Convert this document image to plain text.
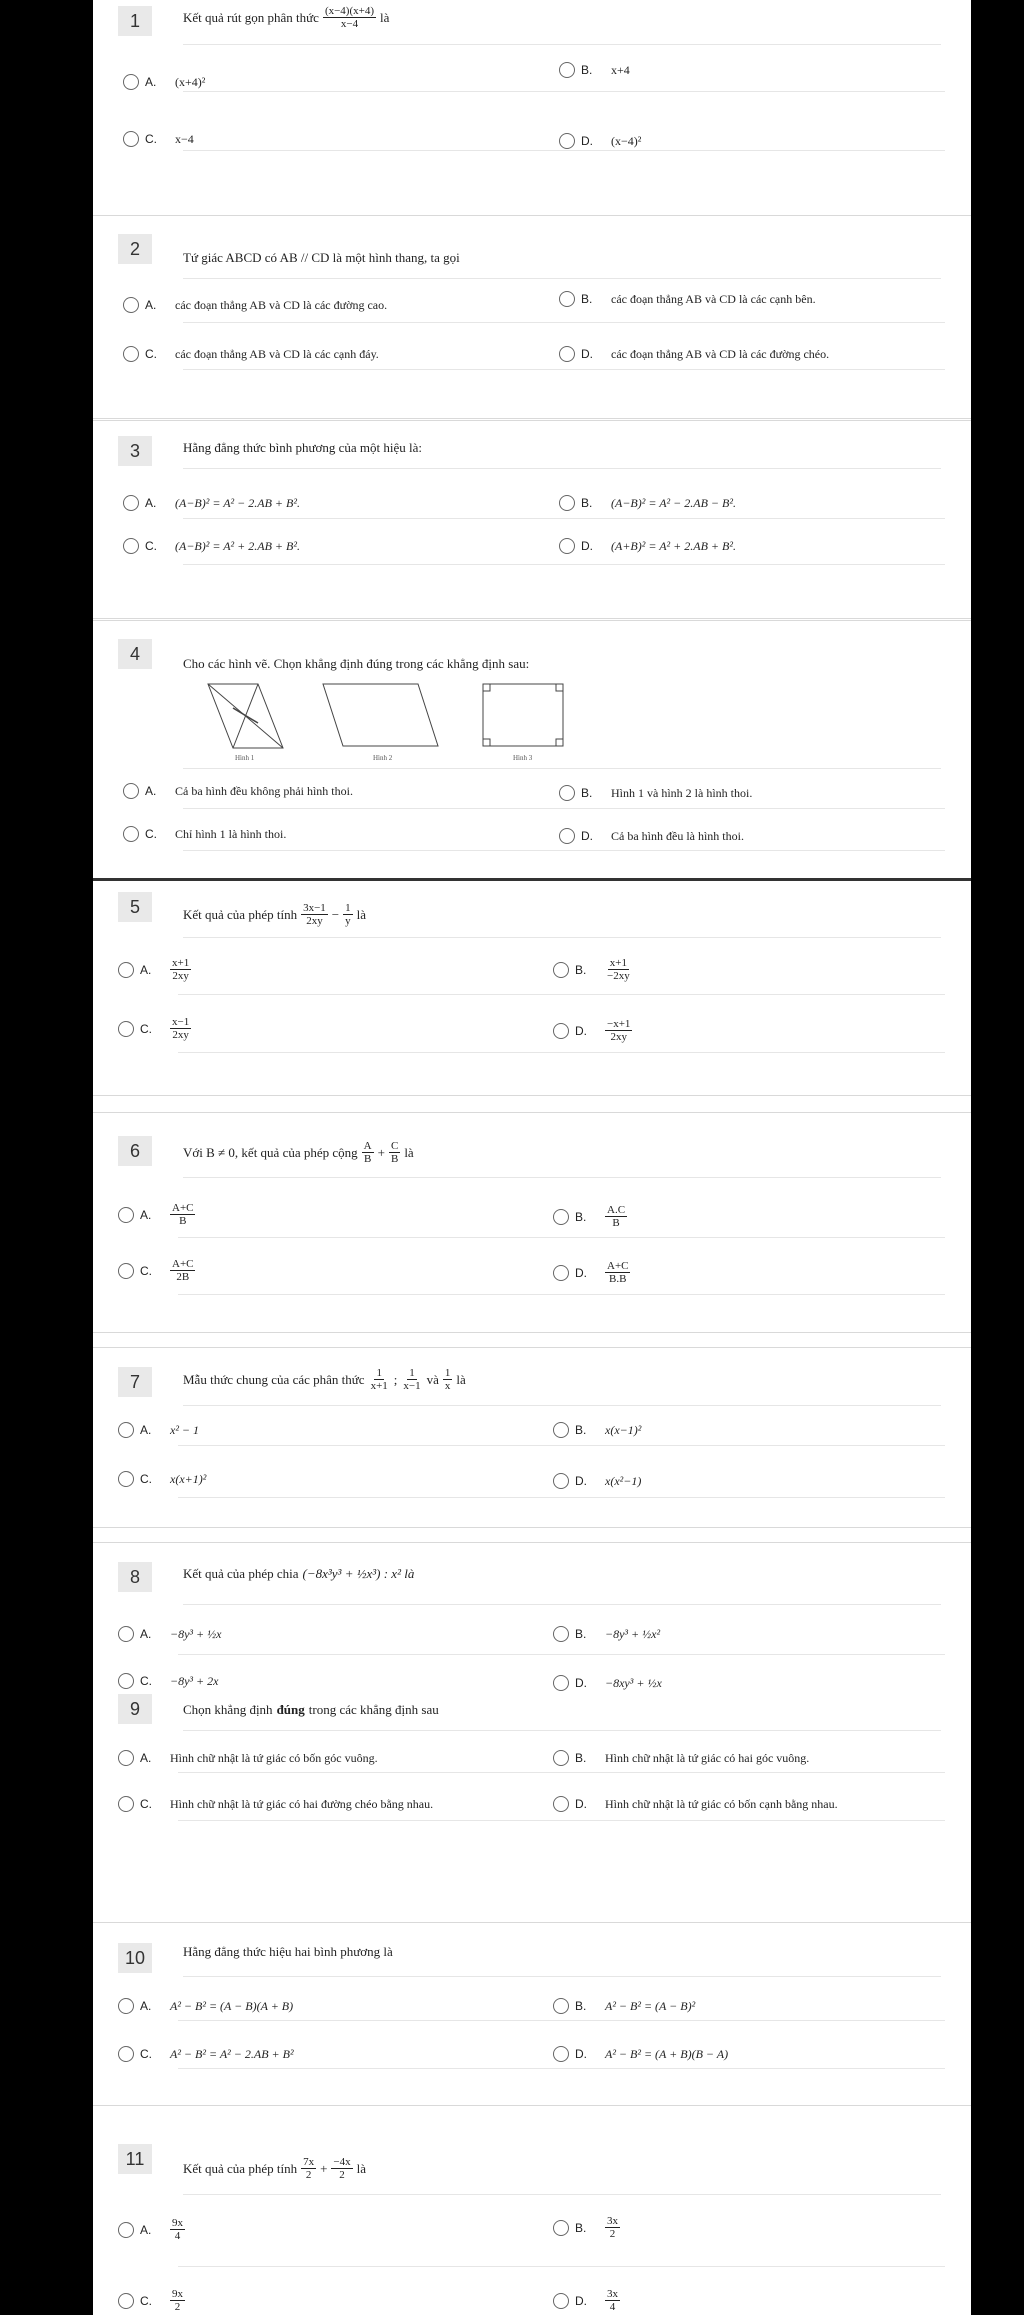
1	Kết quả rút gọn phân thức $\frac{(x-4)(x+4)}{x-4}$ là
A.	(x+4)²
B.	x+4
C.	x−4	D.	(x−4)²
2	Tứ giác ABCD có AB // CD là một hình thang, ta gọi
A.	các đoạn thẳng AB và CD là các đường cao.	B.	các đoạn thẳng AB và CD là các cạnh bên.
C.	các đoạn thẳng AB và CD là các cạnh đáy.	D.	các đoạn thẳng AB và CD là các đường chéo.
3	Hằng đẳng thức bình phương của một hiệu là:
A.	(A−B)² = A² − 2.AB + B².	B.	(A−B)² = A² − 2.AB − B².
C.	(A−B)² = A² + 2.AB + B².	D.	(A+B)² = A² + 2.AB + B².
4	Cho các hình vẽ. Chọn khẳng định đúng trong các khẳng định sau:
Hình 1	Hình 2	Hình 3
A.	Cả ba hình đều không phải hình thoi.	B.	Hình 1 và hình 2 là hình thoi.
C.	Chỉ hình 1 là hình thoi.	D.	Cả ba hình đều là hình thoi.
5	Kết quả của phép tính $\frac{3x-1}{2xy} - \frac{1}{y}$ là
A.	$\frac{x+1}{2xy}$	B.	$\frac{x+1}{-2xy}$
C.	$\frac{x-1}{2xy}$	D.	$\frac{-x+1}{2xy}$
6	Với B ≠ 0, kết quả của phép cộng $\frac{A}{B} + \frac{C}{B}$ là
A.	$\frac{A+C}{B}$	B.	$\frac{A.C}{B}$
C.	$\frac{A+C}{2B}$	D.	$\frac{A+C}{B.B}$
7	Mẫu thức chung của các phân thức $\frac{1}{x+1}$ ; $\frac{1}{x-1}$ và $\frac{1}{x}$ là
A.	x² − 1	B.	x(x−1)²
C.	x(x+1)²	D.	x(x²−1)
8	Kết quả của phép chia (−8x³y³ + ½x³) : x² là
A.	−8y³ + ½x	B.	−8y³ + ½x²
C.	−8y³ + 2x	D.	−8xy³ + ½x
9	Chọn khẳng định đúng trong các khẳng định sau
A.	Hình chữ nhật là tứ giác có bốn góc vuông.	B.	Hình chữ nhật là tứ giác có hai góc vuông.
C.	Hình chữ nhật là tứ giác có hai đường chéo bằng nhau.	D.	Hình chữ nhật là tứ giác có bốn cạnh bằng nhau.
10	Hằng đẳng thức hiệu hai bình phương là
A.	A² − B² = (A − B)(A + B)	B.	A² − B² = (A − B)²
C.	A² − B² = A² − 2.AB + B²	D.	A² − B² = (A + B)(B − A)
11	Kết quả của phép tính $\frac{7x}{2} + \frac{-4x}{2}$ là
A.	$\frac{9x}{4}$	B.	$\frac{3x}{2}$
C.	$\frac{9x}{2}$	D.	$\frac{3x}{4}$
